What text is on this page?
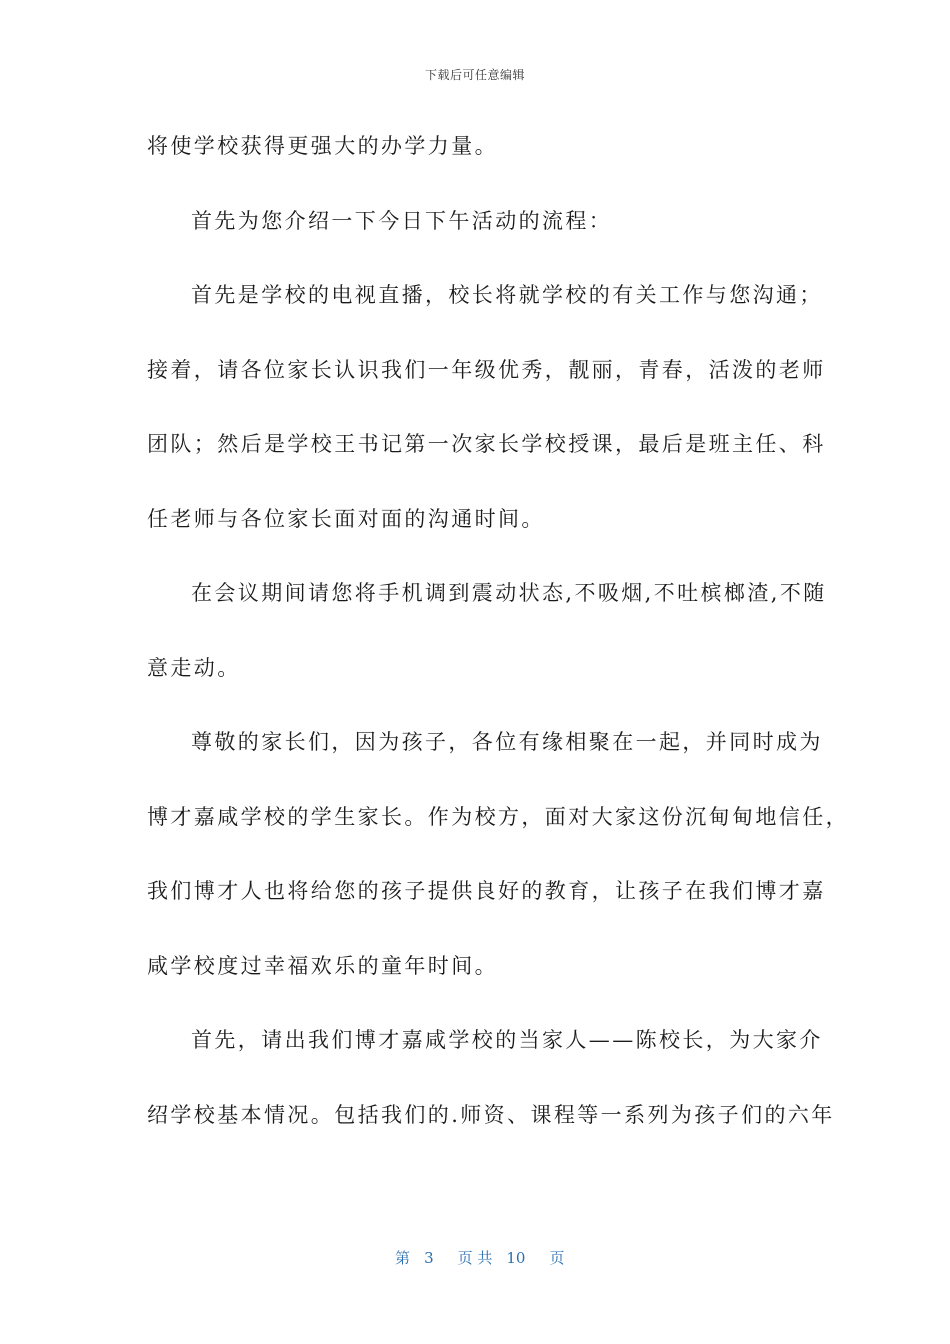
下载后可任意编辑
将使学校获得更强大的办学力量。
首先为您介绍一下今日下午活动的流程：
首先是学校的电视直播，校长将就学校的有关工作与您沟通；
接着，请各位家长认识我们一年级优秀，靓丽，青春，活泼的老师
团队；然后是学校王书记第一次家长学校授课，最后是班主任、科
任老师与各位家长面对面的沟通时间。
在会议期间请您将手机调到震动状态,不吸烟,不吐槟榔渣,不随
意走动。
尊敬的家长们，因为孩子，各位有缘相聚在一起，并同时成为
博才嘉咸学校的学生家长。作为校方，面对大家这份沉甸甸地信任，
我们博才人也将给您的孩子提供良好的教育，让孩子在我们博才嘉
咸学校度过幸福欢乐的童年时间。
首先，请出我们博才嘉咸学校的当家人——陈校长，为大家介
绍学校基本情况。包括我们的.师资、课程等一系列为孩子们的六年

第 3 页 共 10 页
